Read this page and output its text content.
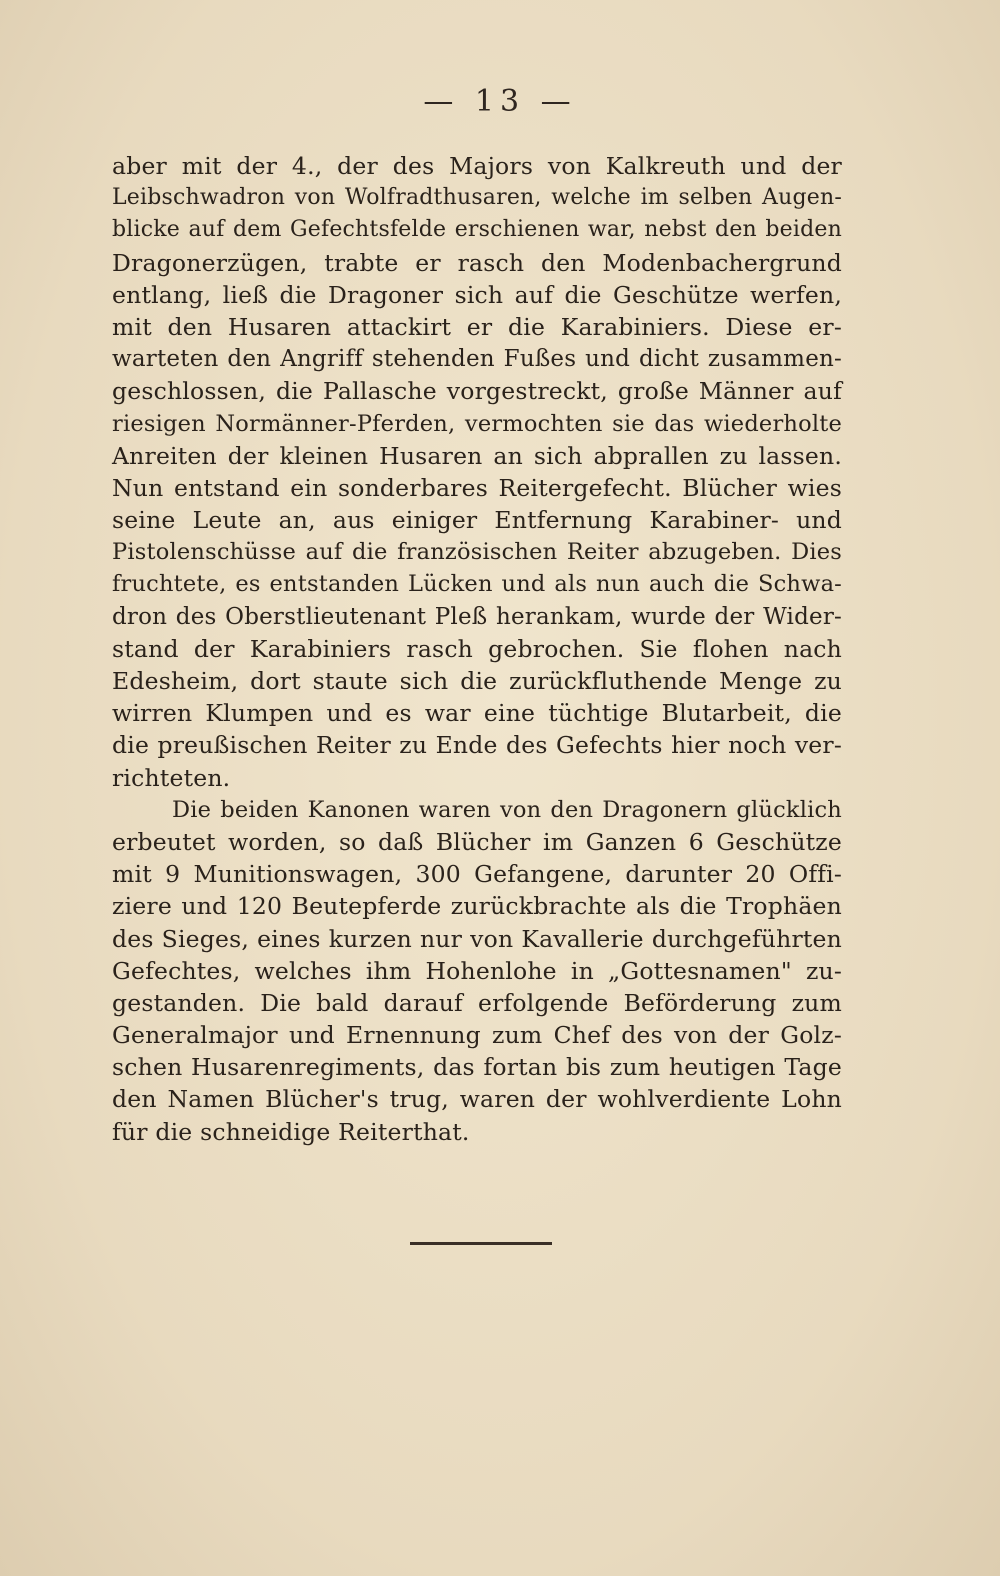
— 13 —

aber mit der 4., der des Majors von Kalkreuth und der
Leibschwadron von Wolfradthusaren, welche im selben Augen-
blicke auf dem Gefechtsfelde erschienen war, nebst den beiden
Dragonerzügen, trabte er rasch den Modenbachergrund
entlang, ließ die Dragoner sich auf die Geschütze werfen,
mit den Husaren attackirt er die Karabiniers. Diese er-
warteten den Angriff stehenden Fußes und dicht zusammen-
geschlossen, die Pallasche vorgestreckt, große Männer auf
riesigen Normänner-Pferden, vermochten sie das wiederholte
Anreiten der kleinen Husaren an sich abprallen zu lassen.
Nun entstand ein sonderbares Reitergefecht. Blücher wies
seine Leute an, aus einiger Entfernung Karabiner- und
Pistolenschüsse auf die französischen Reiter abzugeben. Dies
fruchtete, es entstanden Lücken und als nun auch die Schwa-
dron des Oberstlieutenant Pleß herankam, wurde der Wider-
stand der Karabiniers rasch gebrochen. Sie flohen nach
Edesheim, dort staute sich die zurückfluthende Menge zu
wirren Klumpen und es war eine tüchtige Blutarbeit, die
die preußischen Reiter zu Ende des Gefechts hier noch ver-
richteten.

Die beiden Kanonen waren von den Dragonern glücklich
erbeutet worden, so daß Blücher im Ganzen 6 Geschütze
mit 9 Munitionswagen, 300 Gefangene, darunter 20 Offi-
ziere und 120 Beutepferde zurückbrachte als die Trophäen
des Sieges, eines kurzen nur von Kavallerie durchgeführten
Gefechtes, welches ihm Hohenlohe in „Gottesnamen" zu-
gestanden. Die bald darauf erfolgende Beförderung zum
Generalmajor und Ernennung zum Chef des von der Golz-
schen Husarenregiments, das fortan bis zum heutigen Tage
den Namen Blücher's trug, waren der wohlverdiente Lohn
für die schneidige Reiterthat.
